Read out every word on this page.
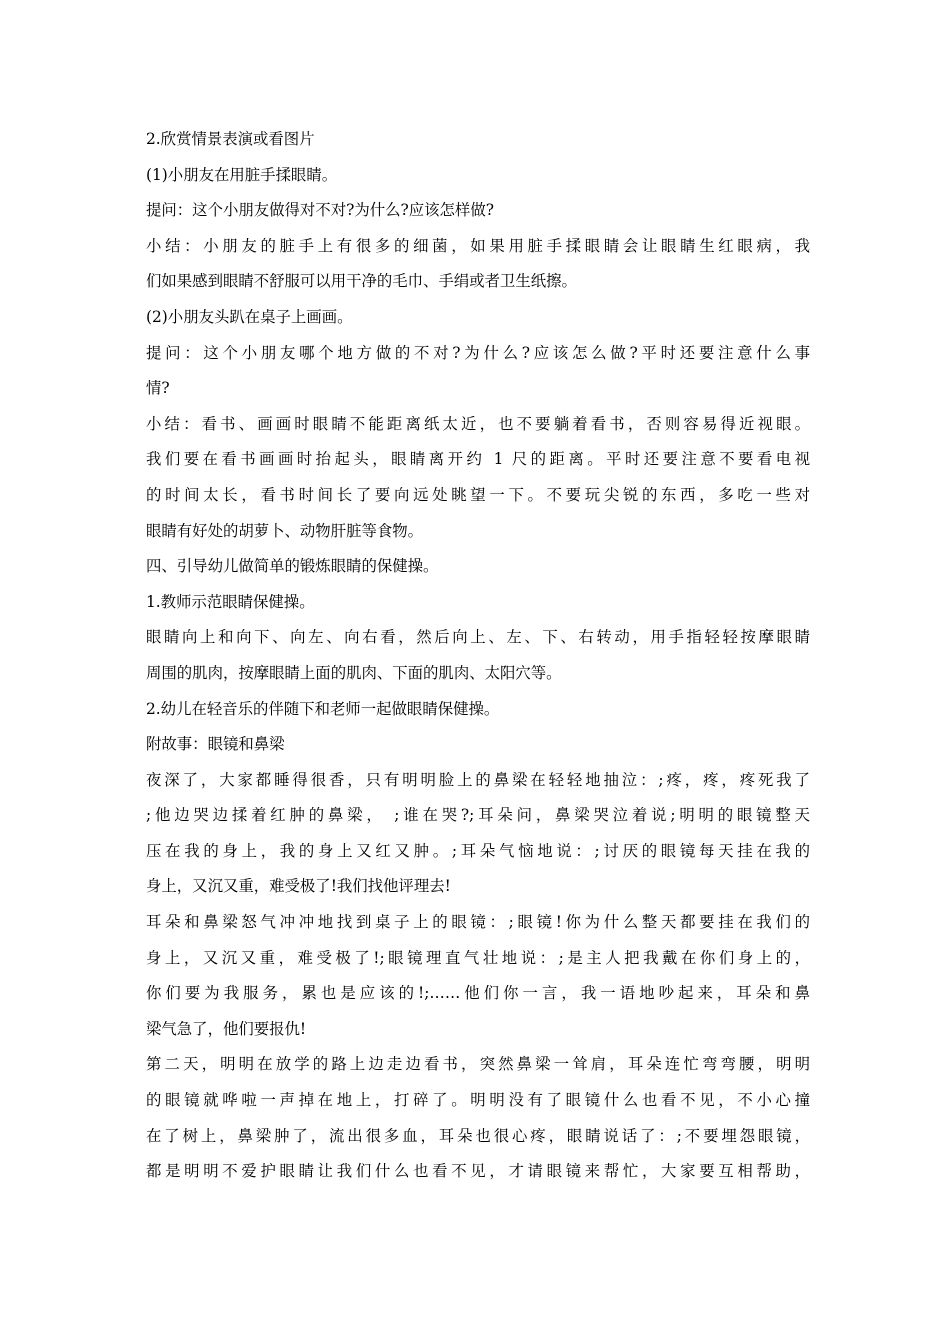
2.欣赏情景表演或看图片
(1)小朋友在用脏手揉眼睛。
提问：这个小朋友做得对不对?为什么?应该怎样做?
小结：小朋友的脏手上有很多的细菌，如果用脏手揉眼睛会让眼睛生红眼病，我
们如果感到眼睛不舒服可以用干净的毛巾、手绢或者卫生纸擦。
(2)小朋友头趴在桌子上画画。
提问：这个小朋友哪个地方做的不对?为什么?应该怎么做?平时还要注意什么事
情?
小结：看书、画画时眼睛不能距离纸太近，也不要躺着看书，否则容易得近视眼。
我们要在看书画画时抬起头，眼睛离开约 1 尺的距离。平时还要注意不要看电视
的时间太长，看书时间长了要向远处眺望一下。不要玩尖锐的东西，多吃一些对
眼睛有好处的胡萝卜、动物肝脏等食物。
四、引导幼儿做简单的锻炼眼睛的保健操。
1.教师示范眼睛保健操。
眼睛向上和向下、向左、向右看，然后向上、左、下、右转动，用手指轻轻按摩眼睛
周围的肌肉，按摩眼睛上面的肌肉、下面的肌肉、太阳穴等。
2.幼儿在轻音乐的伴随下和老师一起做眼睛保健操。
附故事：眼镜和鼻梁
夜深了，大家都睡得很香，只有明明脸上的鼻梁在轻轻地抽泣：;疼，疼，疼死我了
;他边哭边揉着红肿的鼻梁， ;谁在哭?;耳朵问，鼻梁哭泣着说;明明的眼镜整天
压在我的身上，我的身上又红又肿。;耳朵气恼地说：;讨厌的眼镜每天挂在我的
身上，又沉又重，难受极了!我们找他评理去!
耳朵和鼻梁怒气冲冲地找到桌子上的眼镜：;眼镜!你为什么整天都要挂在我们的
身上，又沉又重，难受极了!;眼镜理直气壮地说：;是主人把我戴在你们身上的，
你们要为我服务，累也是应该的!;……他们你一言，我一语地吵起来，耳朵和鼻
梁气急了，他们要报仇!
第二天，明明在放学的路上边走边看书，突然鼻梁一耸肩，耳朵连忙弯弯腰，明明
的眼镜就哗啦一声掉在地上，打碎了。明明没有了眼镜什么也看不见，不小心撞
在了树上，鼻梁肿了，流出很多血，耳朵也很心疼，眼睛说话了：;不要埋怨眼镜，
都是明明不爱护眼睛让我们什么也看不见，才请眼镜来帮忙，大家要互相帮助，
